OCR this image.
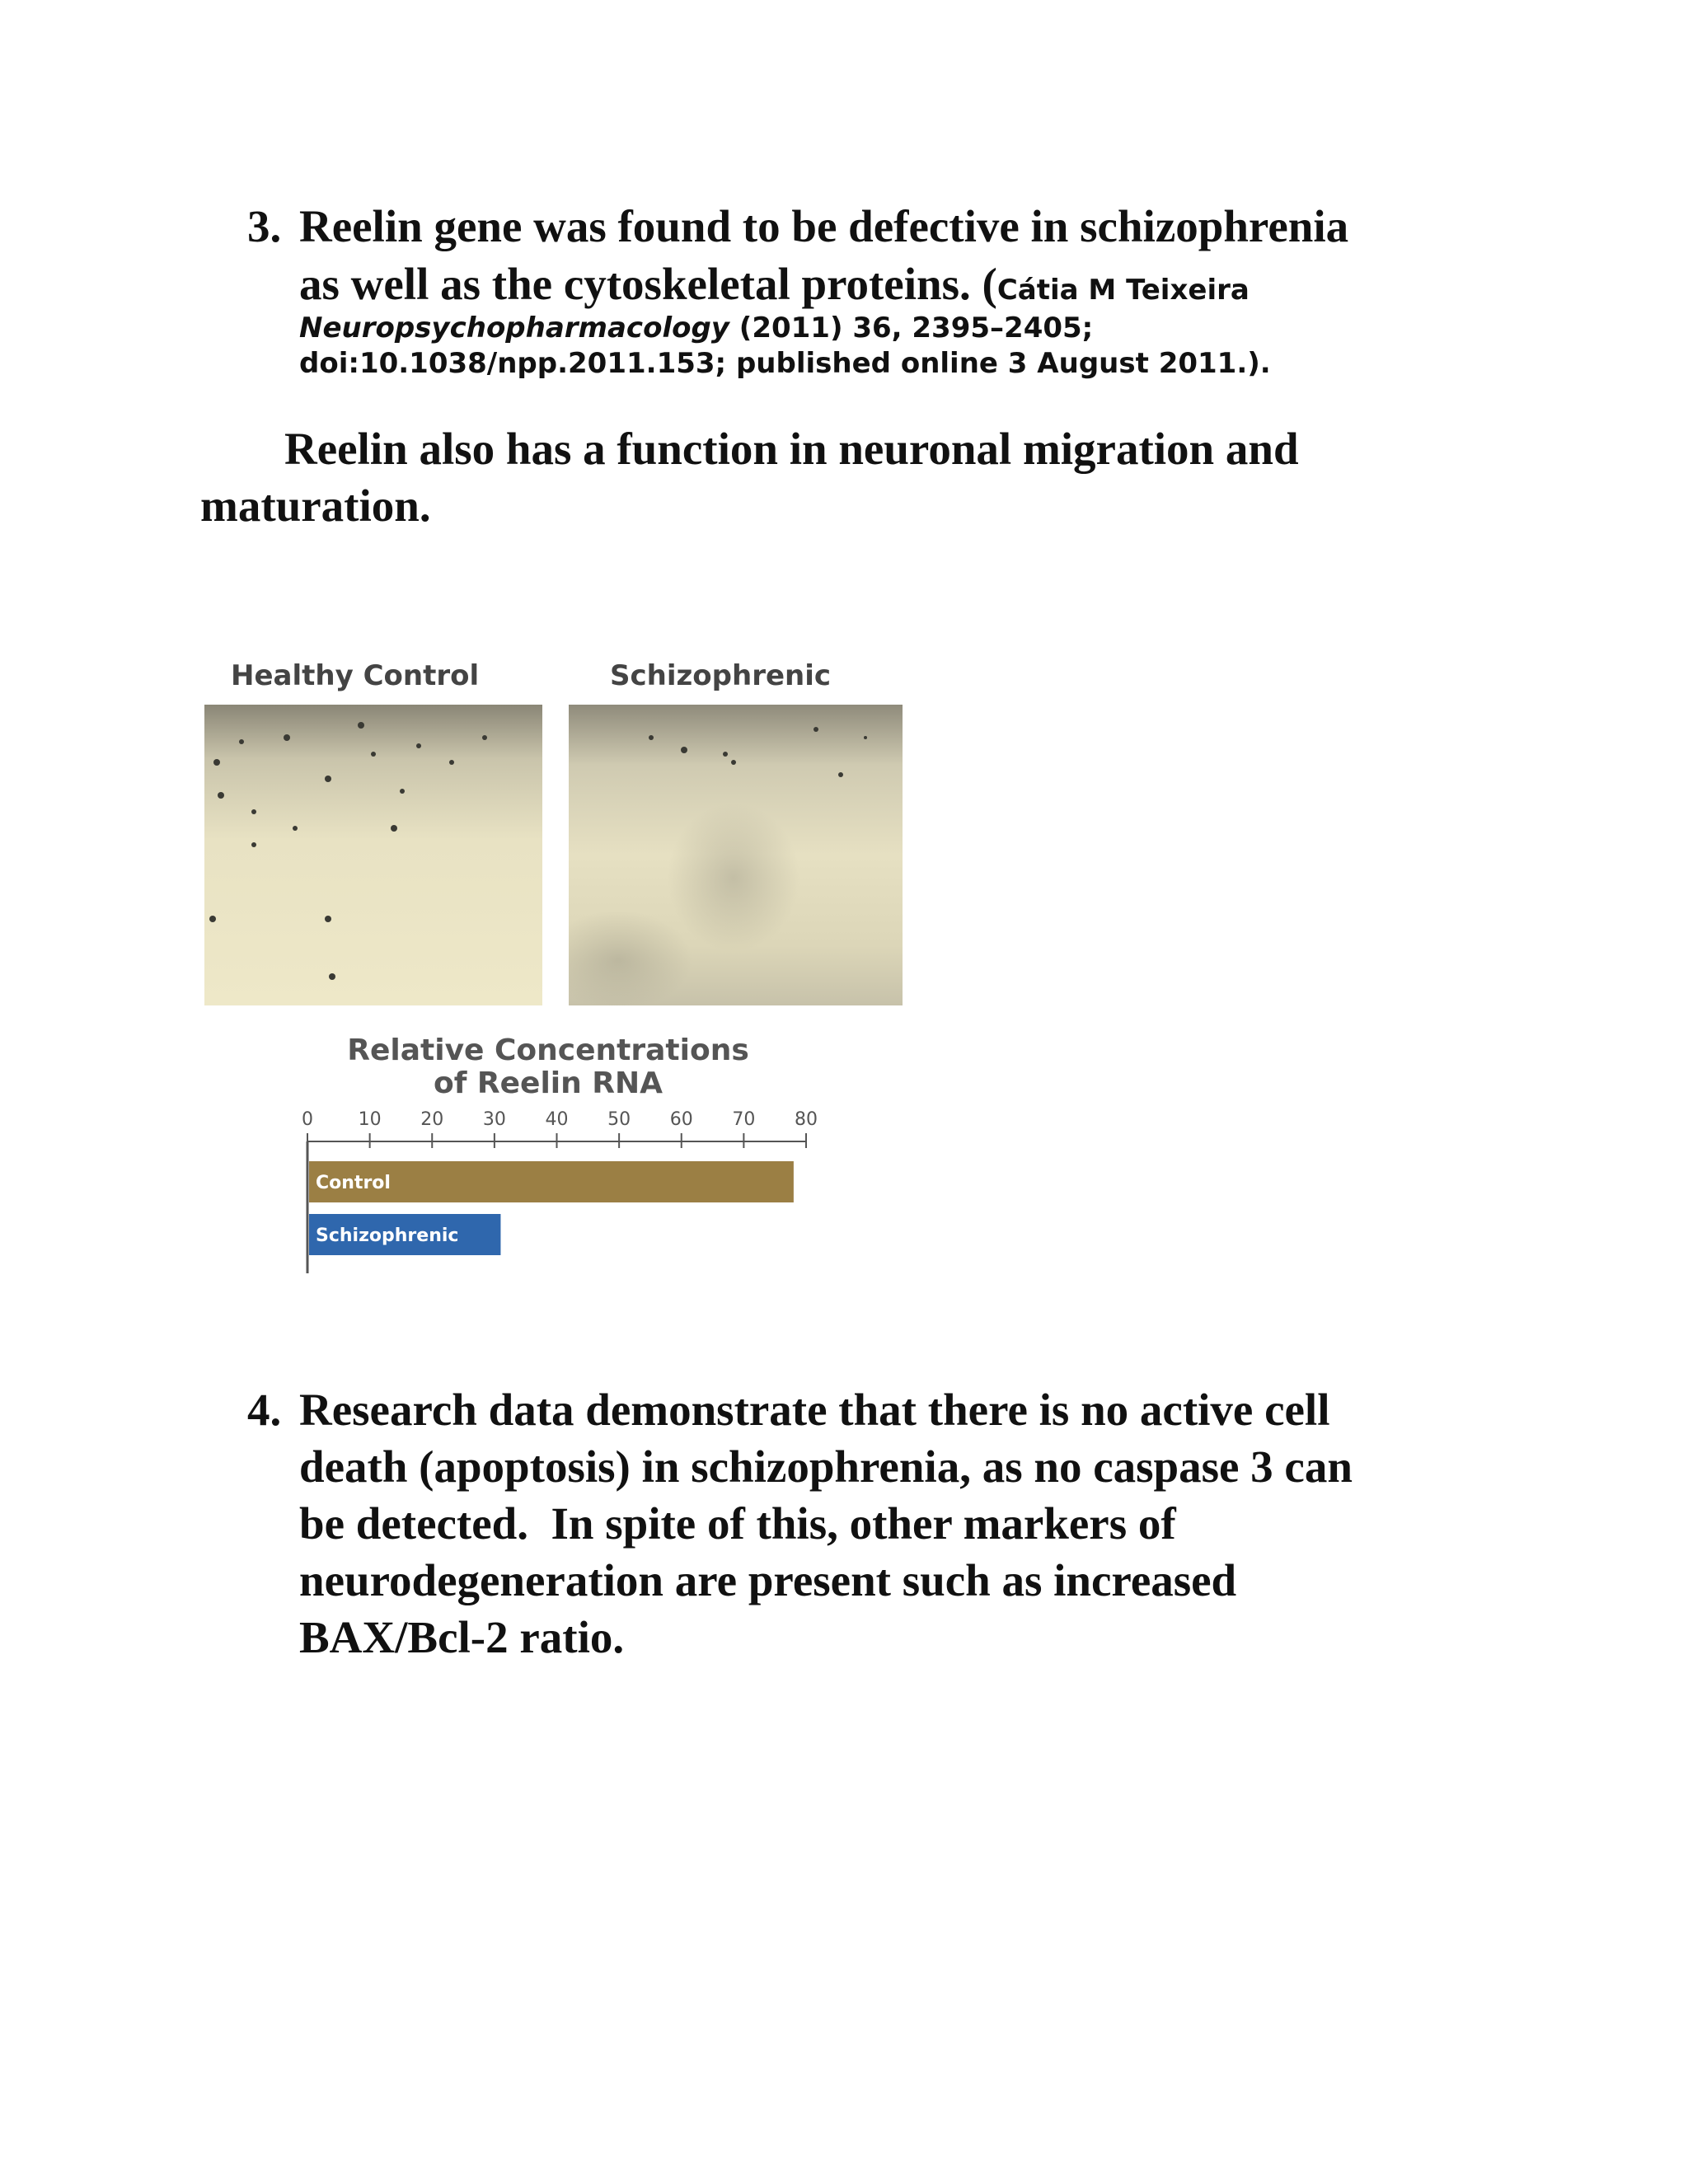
3. Reelin gene was found to be defective in schizophrenia
as well as the cytoskeletal proteins. (Cátia M Teixeira
Neuropsychopharmacology (2011) 36, 2395–2405;
doi:10.1038/npp.2011.153; published online 3 August 2011.).
Reelin also has a function in neuronal migration and
maturation.
Healthy Control	Schizophrenic
Relative Concentrations
of Reelin RNA
0 10 20 30 40 50 60 70 80
Control
Schizophrenic
4. Research data demonstrate that there is no active cell
death (apoptosis) in schizophrenia, as no caspase 3 can
be detected.  In spite of this, other markers of
neurodegeneration are present such as increased
BAX/Bcl-2 ratio.
